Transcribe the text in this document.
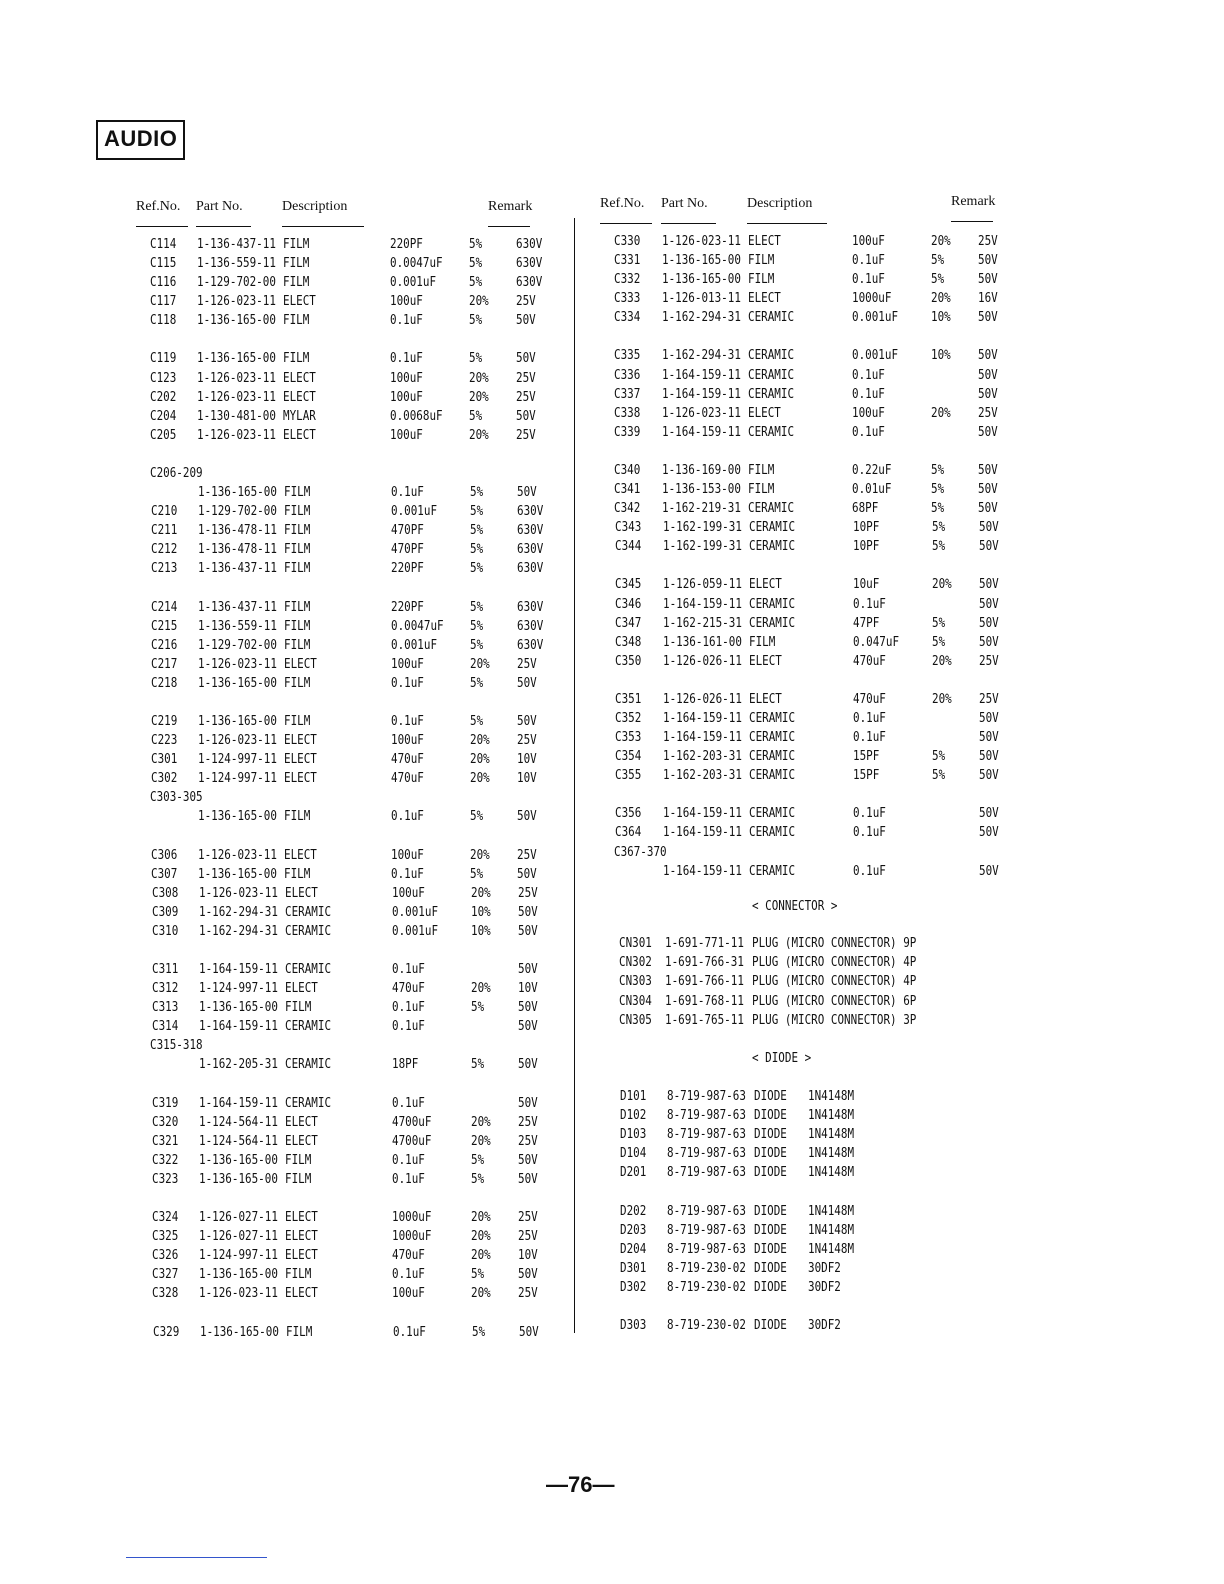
AUDIO
Ref.No. Part No.	Description	Remark	Ref.No. Part No.	Description	Remark
C114 1-136-437-11 FILM	220PF	5%	630V
C115 1-136-559-11 FILM	0.0047uF 5%	630V
C116 1-129-702-00 FILM	0.001uF	5%	630V
C117 1-126-023-11 ELECT	100uF	20% 25V
C118 1-136-165-00 FILM	0.1uF	5%	50V
C119 1-136-165-00 FILM	0.1uF	5%	50V
C123 1-126-023-11 ELECT	100uF	20% 25V
C202 1-126-023-11 ELECT	100uF	20% 25V
C204 1-130-481-00 MYLAR	0.0068uF 5%	50V
C205 1-126-023-11 ELECT	100uF	20% 25V
C206-209
1-136-165-00 FILM	0.1uF	5%	50V
C210 1-129-702-00 FILM	0.001uF	5%	630V
C211 1-136-478-11 FILM	470PF	5%	630V
C212 1-136-478-11 FILM	470PF	5%	630V
C213 1-136-437-11 FILM	220PF	5%	630V
C214 1-136-437-11 FILM	220PF	5%	630V
C215 1-136-559-11 FILM	0.0047uF 5%	630V
C216 1-129-702-00 FILM	0.001uF	5%	630V
C217 1-126-023-11 ELECT	100uF	20% 25V
C218 1-136-165-00 FILM	0.1uF	5%	50V
C219 1-136-165-00 FILM	0.1uF	5%	50V
C223 1-126-023-11 ELECT	100uF	20% 25V
C301 1-124-997-11 ELECT	470uF	20% 10V
C302 1-124-997-11 ELECT	470uF	20% 10V
C303-305
1-136-165-00 FILM	0.1uF	5%	50V
C306 1-126-023-11 ELECT	100uF	20% 25V
C307 1-136-165-00 FILM	0.1uF	5%	50V
C308 1-126-023-11 ELECT	100uF	20% 25V
C309 1-162-294-31 CERAMIC	0.001uF	10% 50V
C310 1-162-294-31 CERAMIC	0.001uF	10% 50V
C311 1-164-159-11 CERAMIC	0.1uF	50V
C312 1-124-997-11 ELECT	470uF	20% 10V
C313 1-136-165-00 FILM	0.1uF	5%	50V
C314 1-164-159-11 CERAMIC	0.1uF	50V
C315-318
1-162-205-31 CERAMIC	18PF	5%	50V
C319 1-164-159-11 CERAMIC	0.1uF	50V
C320 1-124-564-11 ELECT	4700uF	20% 25V
C321 1-124-564-11 ELECT	4700uF	20% 25V
C322 1-136-165-00 FILM	0.1uF	5%	50V
C323 1-136-165-00 FILM	0.1uF	5%	50V
C324 1-126-027-11 ELECT	1000uF	20% 25V
C325 1-126-027-11 ELECT	1000uF	20% 25V
C326 1-124-997-11 ELECT	470uF	20% 10V
C327 1-136-165-00 FILM	0.1uF	5%	50V
C328 1-126-023-11 ELECT	100uF	20% 25V
C329 1-136-165-00 FILM	0.1uF	5%	50V
C330 1-126-023-11 ELECT	100uF	20% 25V
C331 1-136-165-00 FILM	0.1uF	5%	50V
C332 1-136-165-00 FILM	0.1uF	5%	50V
C333 1-126-013-11 ELECT	1000uF	20% 16V
C334 1-162-294-31 CERAMIC	0.001uF	10% 50V
C335 1-162-294-31 CERAMIC	0.001uF	10% 50V
C336 1-164-159-11 CERAMIC	0.1uF	50V
C337 1-164-159-11 CERAMIC	0.1uF	50V
C338 1-126-023-11 ELECT	100uF	20% 25V
C339 1-164-159-11 CERAMIC	0.1uF	50V
C340 1-136-169-00 FILM	0.22uF	5%	50V
C341 1-136-153-00 FILM	0.01uF	5%	50V
C342 1-162-219-31 CERAMIC	68PF	5%	50V
C343 1-162-199-31 CERAMIC	10PF	5%	50V
C344 1-162-199-31 CERAMIC	10PF	5%	50V
C345 1-126-059-11 ELECT	10uF	20% 50V
C346 1-164-159-11 CERAMIC	0.1uF	50V
C347 1-162-215-31 CERAMIC	47PF	5%	50V
C348 1-136-161-00 FILM	0.047uF	5%	50V
C350 1-126-026-11 ELECT	470uF	20% 25V
C351 1-126-026-11 ELECT	470uF	20% 25V
C352 1-164-159-11 CERAMIC	0.1uF	50V
C353 1-164-159-11 CERAMIC	0.1uF	50V
C354 1-162-203-31 CERAMIC	15PF	5%	50V
C355 1-162-203-31 CERAMIC	15PF	5%	50V
C356 1-164-159-11 CERAMIC	0.1uF	50V
C364 1-164-159-11 CERAMIC	0.1uF	50V
C367-370
1-164-159-11 CERAMIC	0.1uF	50V
< CONNECTOR >
CN301 1-691-771-11 PLUG (MICRO CONNECTOR) 9P
CN302 1-691-766-31 PLUG (MICRO CONNECTOR) 4P
CN303 1-691-766-11 PLUG (MICRO CONNECTOR) 4P
CN304 1-691-768-11 PLUG (MICRO CONNECTOR) 6P
CN305 1-691-765-11 PLUG (MICRO CONNECTOR) 3P
< DIODE >
D101 8-719-987-63 DIODE 1N4148M
D102 8-719-987-63 DIODE 1N4148M
D103 8-719-987-63 DIODE 1N4148M
D104 8-719-987-63 DIODE 1N4148M
D201 8-719-987-63 DIODE 1N4148M
D202 8-719-987-63 DIODE 1N4148M
D203 8-719-987-63 DIODE 1N4148M
D204 8-719-987-63 DIODE 1N4148M
D301 8-719-230-02 DIODE 30DF2
D302 8-719-230-02 DIODE 30DF2
D303 8-719-230-02 DIODE 30DF2
—76—
